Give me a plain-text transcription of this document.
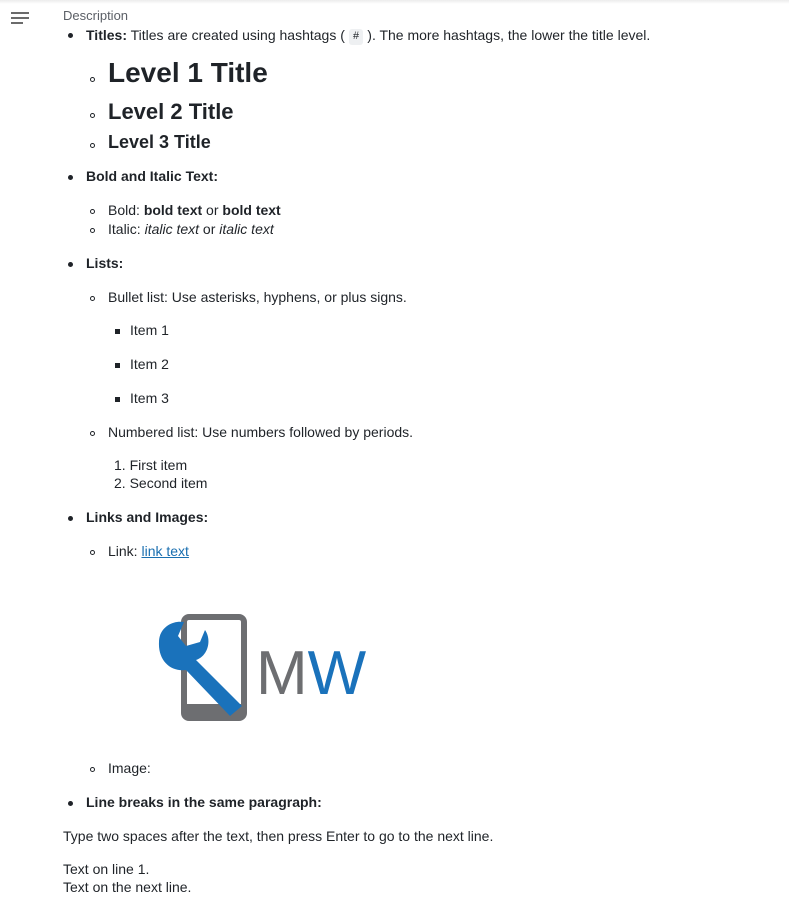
Description
Titles: Titles are created using hashtags ( # ). The more hashtags, the lower the title level.
Level 1 Title
Level 2 Title
Level 3 Title
Bold and Italic Text:
Bold: bold text or bold text
Italic: italic text or italic text
Lists:
Bullet list: Use asterisks, hyphens, or plus signs.
Item 1
Item 2
Item 3
Numbered list: Use numbers followed by periods.
1. First item
2. Second item
Links and Images:
Link: link text
MW
Image:
Line breaks in the same paragraph:
Type two spaces after the text, then press Enter to go to the next line.
Text on line 1.
Text on the next line.
